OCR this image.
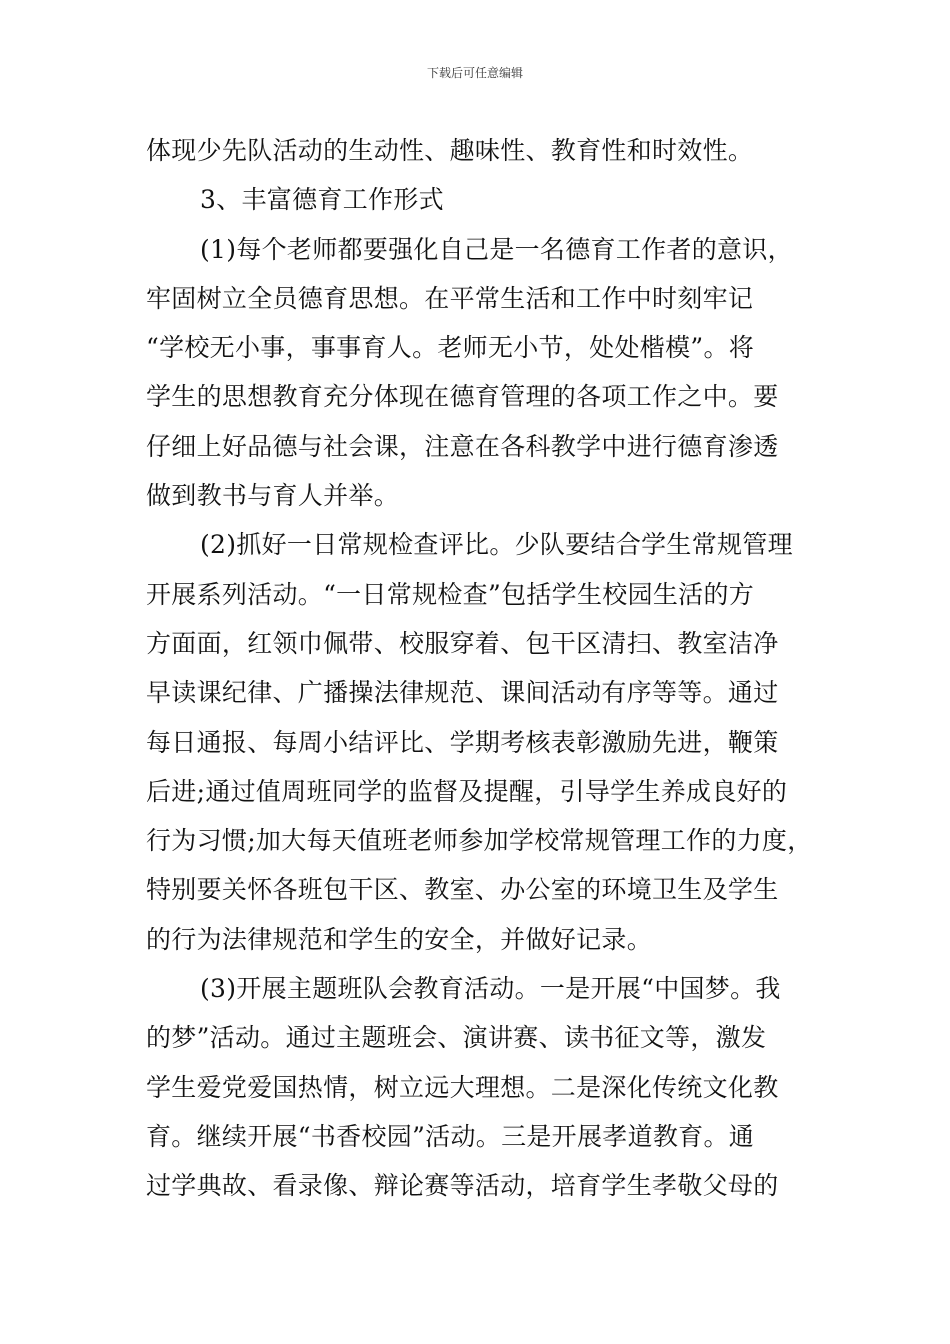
下载后可任意编辑
体现少先队活动的生动性、趣味性、教育性和时效性。
3、丰富德育工作形式
(1)每个老师都要强化自己是一名德育工作者的意识，
牢固树立全员德育思想。在平常生活和工作中时刻牢记
“学校无小事，事事育人。老师无小节，处处楷模”。将
学生的思想教育充分体现在德育管理的各项工作之中。要
仔细上好品德与社会课，注意在各科教学中进行德育渗透
做到教书与育人并举。
(2)抓好一日常规检查评比。少队要结合学生常规管理
开展系列活动。“一日常规检查”包括学生校园生活的方
方面面，红领巾佩带、校服穿着、包干区清扫、教室洁净
早读课纪律、广播操法律规范、课间活动有序等等。通过
每日通报、每周小结评比、学期考核表彰激励先进，鞭策
后进;通过值周班同学的监督及提醒，引导学生养成良好的
行为习惯;加大每天值班老师参加学校常规管理工作的力度，
特别要关怀各班包干区、教室、办公室的环境卫生及学生
的行为法律规范和学生的安全，并做好记录。
(3)开展主题班队会教育活动。一是开展“中国梦。我
的梦”活动。通过主题班会、演讲赛、读书征文等，激发
学生爱党爱国热情，树立远大理想。二是深化传统文化教
育。继续开展“书香校园”活动。三是开展孝道教育。通
过学典故、看录像、辩论赛等活动，培育学生孝敬父母的
